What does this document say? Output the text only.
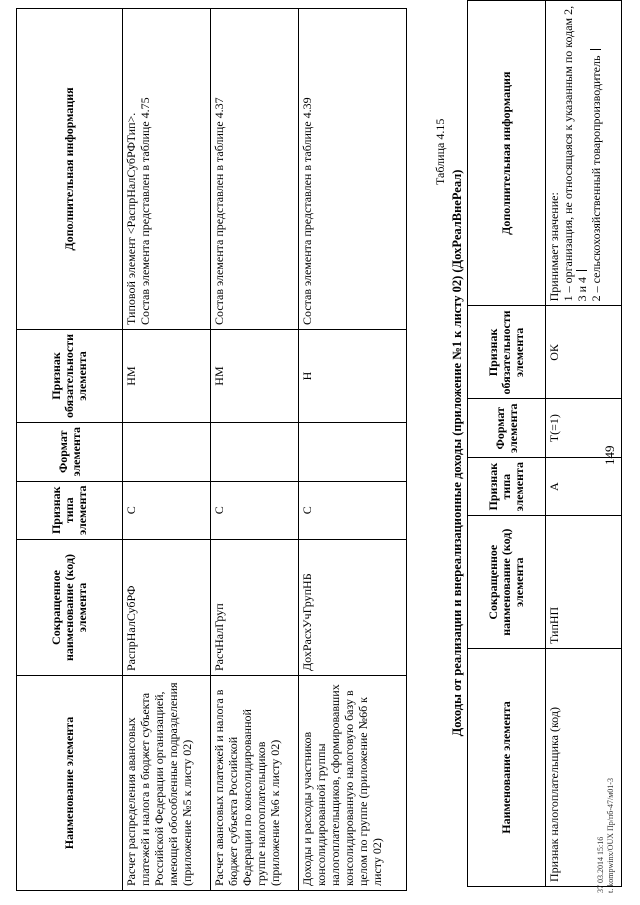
Наименование элемента	Сокращенное наименование (код) элемента	Признак типа элемента	Формат элемента	Признак обязательности элемента	Дополнительная информация
Расчет распределения авансовых платежей и налога в бюджет субъекта Российской Федерации организацией, имеющей обособленные подразделения (приложение №5 к листу 02)	РаспрНалСубРФ	С		НМ	Типовой элемент <РаспрНалСубРФТип>. Состав элемента представлен в таблице 4.75

Расчет авансовых платежей и налога в бюджет субъекта Российской Федерации по консолидированной группе налогоплательщиков (приложение №6 к листу 02)	РасчНалГруп	С		НМ	Состав элемента представлен в таблице 4.37

Доходы и расходы участников консолидированной группы налогоплательщиков, сформировавших консолидированную налоговую базу в целом по группе (приложение №6б к листу 02)	ДохРасхУчГрупНБ	С		Н	Состав элемента представлен в таблице 4.39	Таблица 4.15
Доходы от реализации и внереализационные доходы (приложение №1 к листу 02) (ДохРеалВнеРеал)
Наименование элемента	Сокращенное наименование (код) элемента	Признак типа элемента	Формат элемента	Признак обязательности элемента	Дополнительная информация
Признак налогоплательщика (код)	ТипНП	А	Т(=1)	ОК	Принимает значение: 1 – организация, не относящаяся к указанным по кодам 2, 3 и 4 2 – сельскохозяйственный товаропроизводитель
149
37 03.2014 15:16 t. kompwinx/OUX Пр/пб-47/м01-3
